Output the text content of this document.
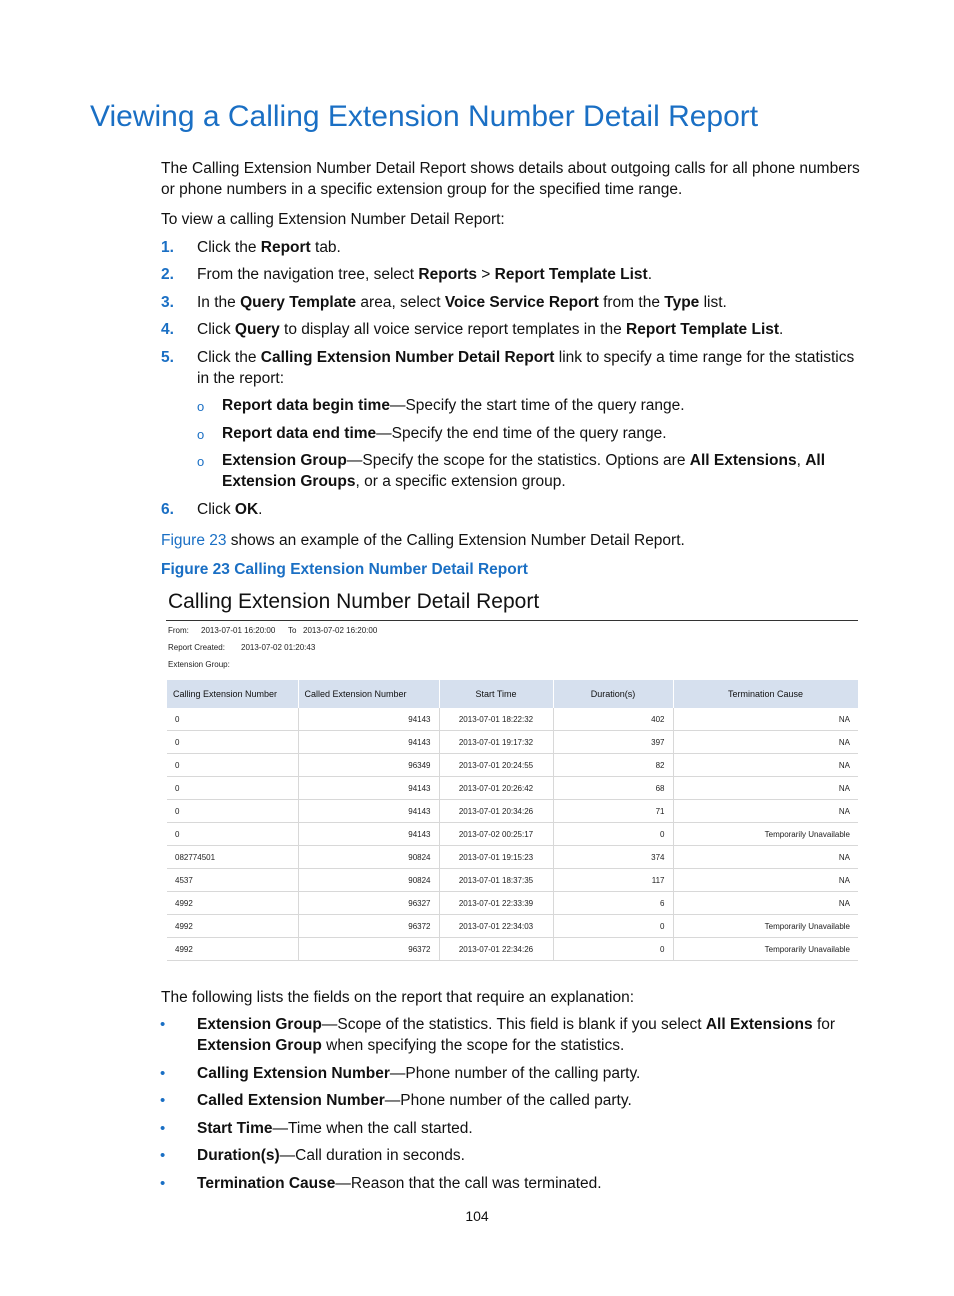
Viewing a Calling Extension Number Detail Report
The Calling Extension Number Detail Report shows details about outgoing calls for all phone numbers or phone numbers in a specific extension group for the specified time range.
To view a calling Extension Number Detail Report:
1. Click the Report tab.
2. From the navigation tree, select Reports > Report Template List.
3. In the Query Template area, select Voice Service Report from the Type list.
4. Click Query to display all voice service report templates in the Report Template List.
5. Click the Calling Extension Number Detail Report link to specify a time range for the statistics in the report:
o Report data begin time—Specify the start time of the query range.
o Report data end time—Specify the end time of the query range.
o Extension Group—Specify the scope for the statistics. Options are All Extensions, All Extension Groups, or a specific extension group.
6. Click OK.
Figure 23 shows an example of the Calling Extension Number Detail Report.
Figure 23 Calling Extension Number Detail Report
Calling Extension Number Detail Report
From: 2013-07-01 16:20:00 To 2013-07-02 16:20:00
Report Created: 2013-07-02 01:20:43
Extension Group:
Calling Extension Number	Called Extension Number	Start Time	Duration(s)	Termination Cause
0	94143	2013-07-01 18:22:32	402	NA
0	94143	2013-07-01 19:17:32	397	NA
0	96349	2013-07-01 20:24:55	82	NA
0	94143	2013-07-01 20:26:42	68	NA
0	94143	2013-07-01 20:34:26	71	NA
0	94143	2013-07-02 00:25:17	0	Temporarily Unavailable
082774501	90824	2013-07-01 19:15:23	374	NA
4537	90824	2013-07-01 18:37:35	117	NA
4992	96327	2013-07-01 22:33:39	6	NA
4992	96372	2013-07-01 22:34:03	0	Temporarily Unavailable
4992	96372	2013-07-01 22:34:26	0	Temporarily Unavailable
The following lists the fields on the report that require an explanation:
• Extension Group—Scope of the statistics. This field is blank if you select All Extensions for Extension Group when specifying the scope for the statistics.
• Calling Extension Number—Phone number of the calling party.
• Called Extension Number—Phone number of the called party.
• Start Time—Time when the call started.
• Duration(s)—Call duration in seconds.
• Termination Cause—Reason that the call was terminated.
104
